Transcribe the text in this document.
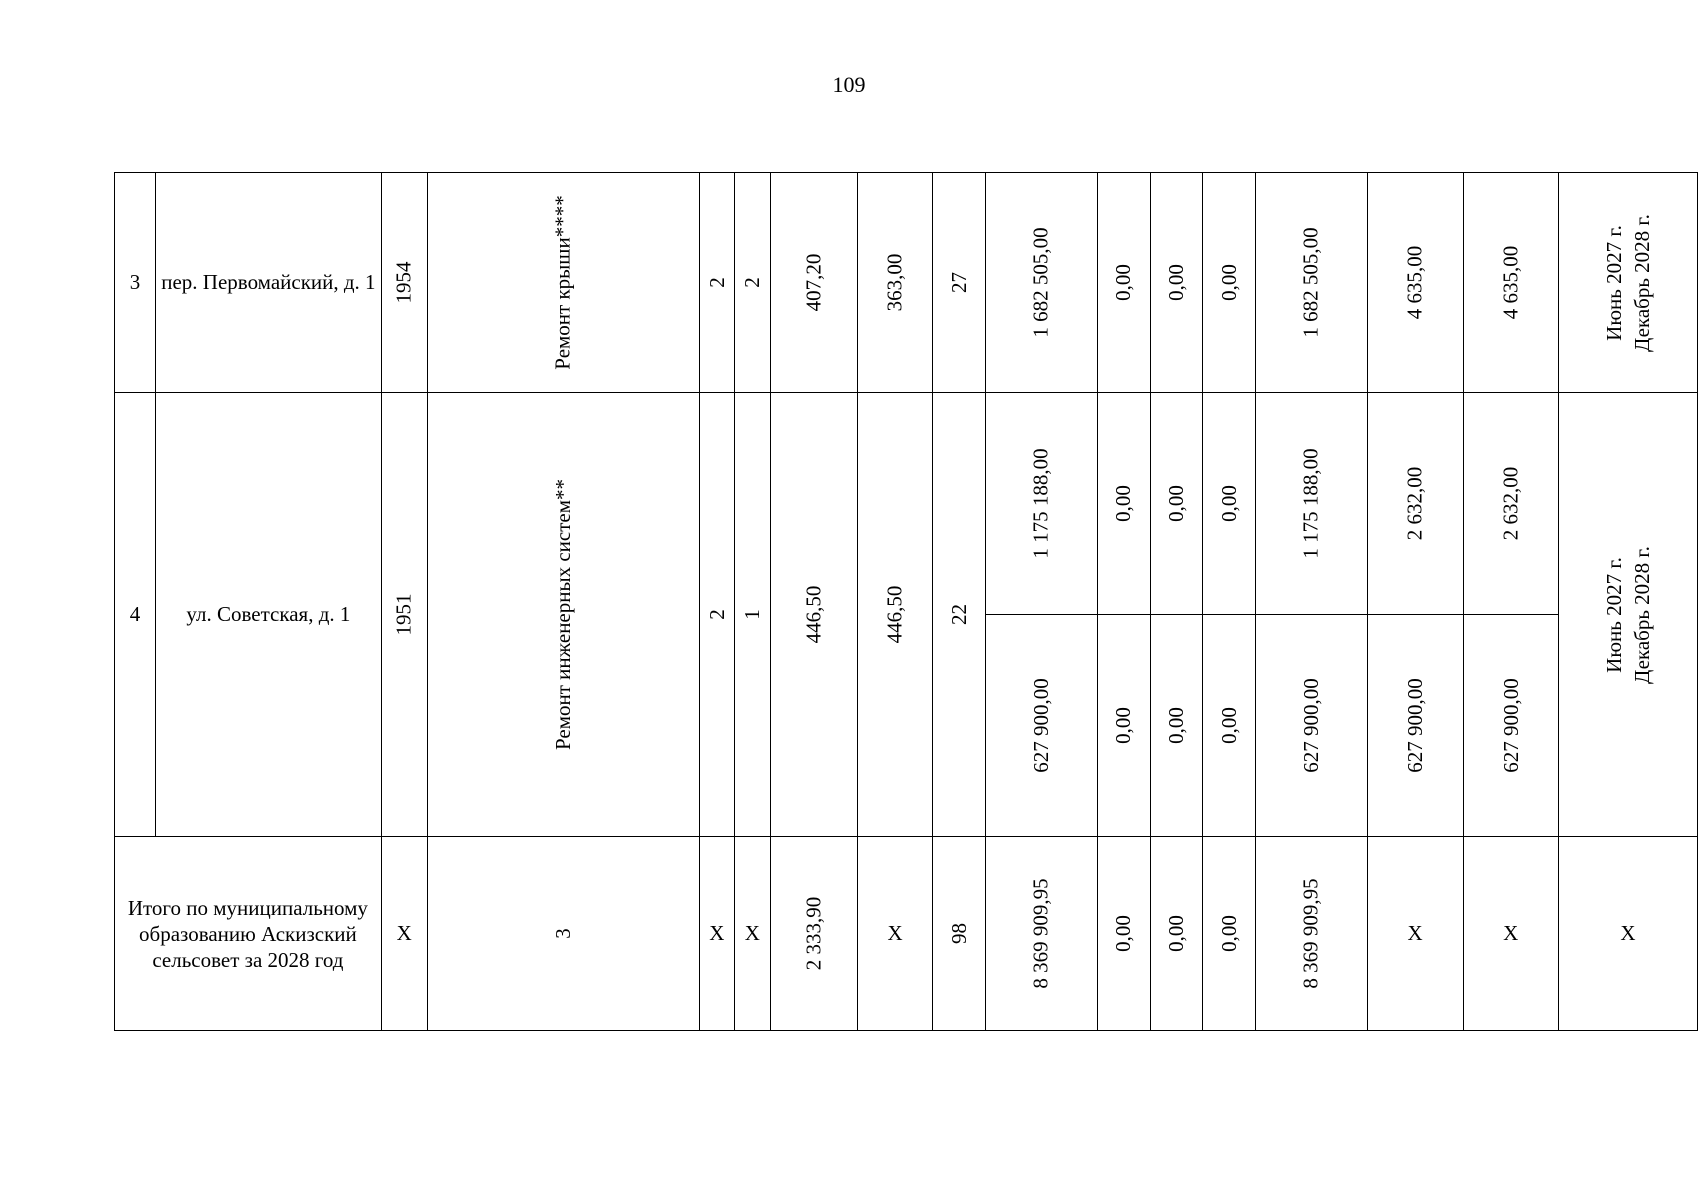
109
3	пер. Первомайский, д. 1	1954	Ремонт крыши****	2	2	407,20	363,00	27	1 682 505,00	0,00	0,00	0,00	1 682 505,00	4 635,00	4 635,00	Июнь 2027 г. Декабрь 2028 г.
4	ул. Советская, д. 1	1951	Ремонт инженерных систем**	2	1	446,50	446,50	22	1 175 188,00	0,00	0,00	0,00	1 175 188,00	2 632,00	2 632,00	Июнь 2027 г. Декабрь 2028 г.
									627 900,00	0,00	0,00	0,00	627 900,00	627 900,00	627 900,00	
Итого по муниципальному
образованию Аскизский
сельсовет за 2028 год		X	3	X	X	2 333,90	X	98	8 369 909,95	0,00	0,00	0,00	8 369 909,95	X	X	X
